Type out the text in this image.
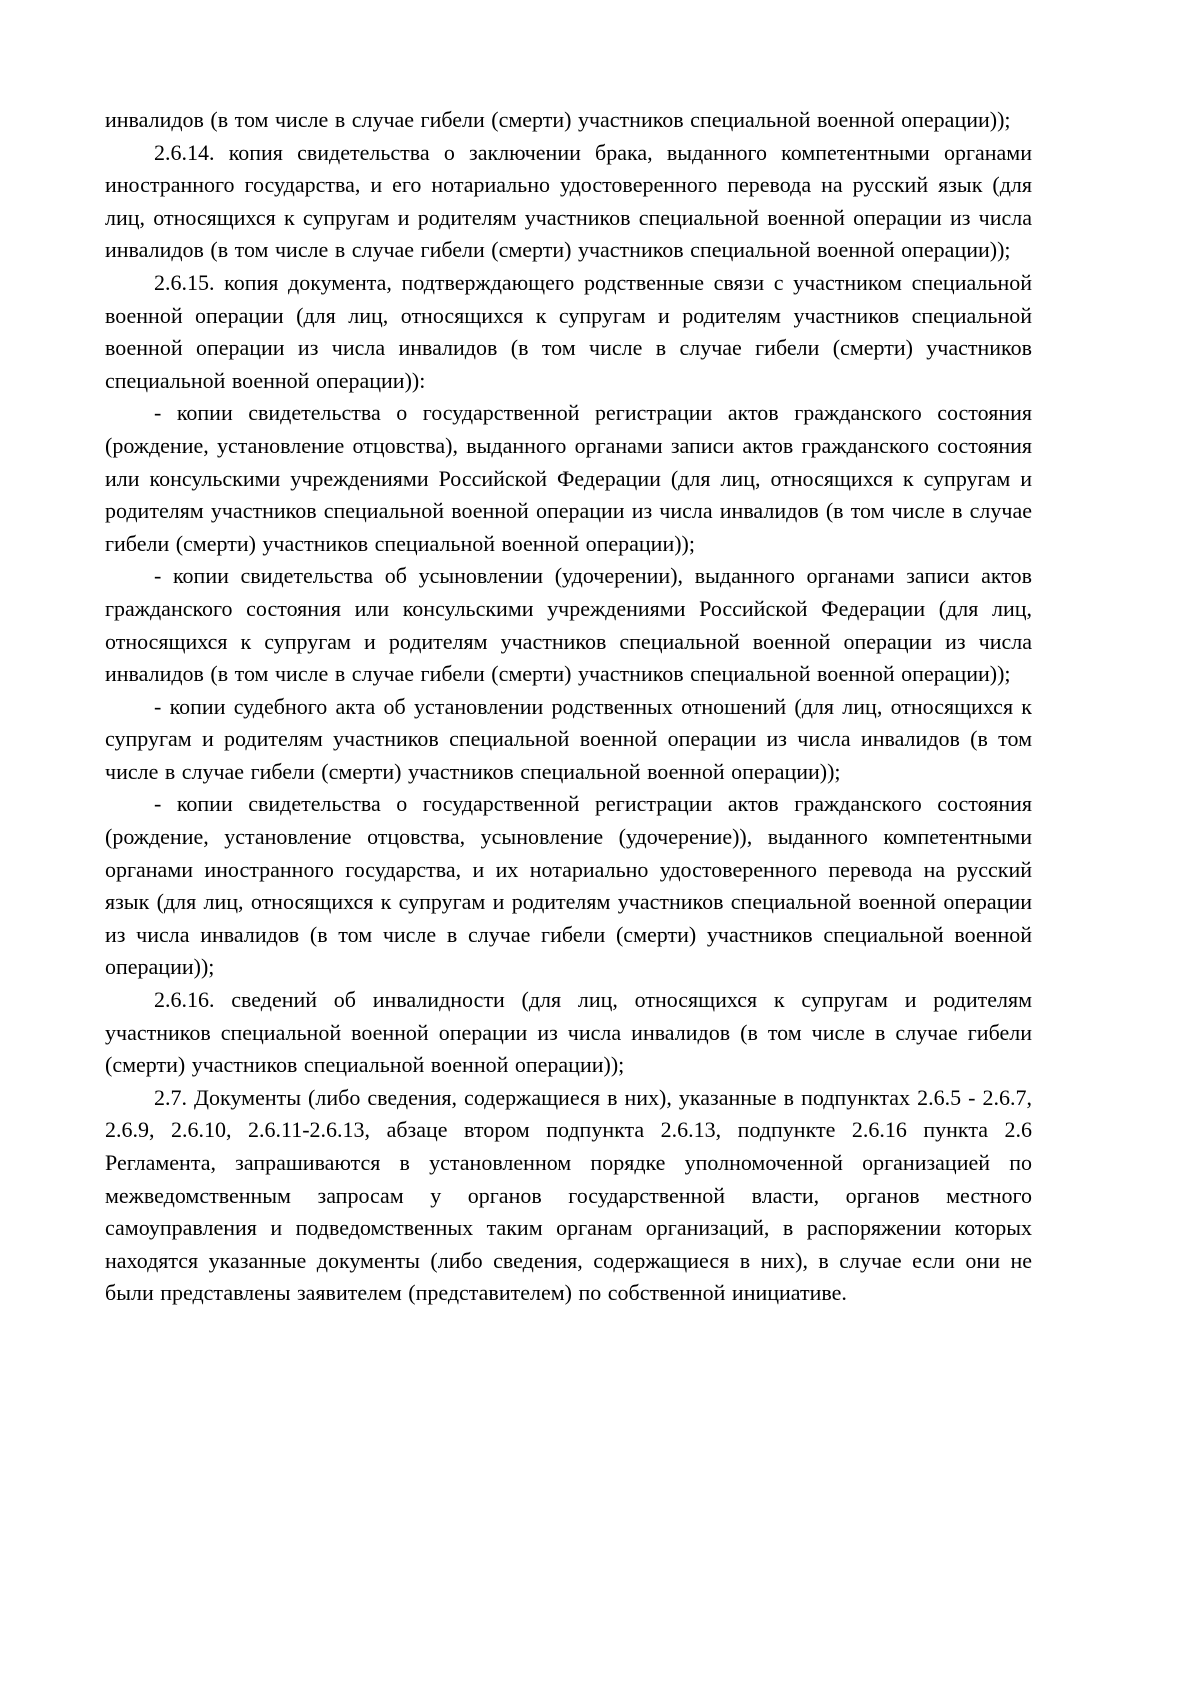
инвалидов (в том числе в случае гибели (смерти) участников специальной военной операции));

2.6.14. копия свидетельства о заключении брака, выданного компетентными органами иностранного государства, и его нотариально удостоверенного перевода на русский язык (для лиц, относящихся к супругам и родителям участников специальной военной операции из числа инвалидов (в том числе в случае гибели (смерти) участников специальной военной операции));

2.6.15. копия документа, подтверждающего родственные связи с участником специальной военной операции (для лиц, относящихся к супругам и родителям участников специальной военной операции из числа инвалидов (в том числе в случае гибели (смерти) участников специальной военной операции)):

- копии свидетельства о государственной регистрации актов гражданского состояния (рождение, установление отцовства), выданного органами записи актов гражданского состояния или консульскими учреждениями Российской Федерации (для лиц, относящихся к супругам и родителям участников специальной военной операции из числа инвалидов (в том числе в случае гибели (смерти) участников специальной военной операции));

- копии свидетельства об усыновлении (удочерении), выданного органами записи актов гражданского состояния или консульскими учреждениями Российской Федерации (для лиц, относящихся к супругам и родителям участников специальной военной операции из числа инвалидов (в том числе в случае гибели (смерти) участников специальной военной операции));

- копии судебного акта об установлении родственных отношений (для лиц, относящихся к супругам и родителям участников специальной военной операции из числа инвалидов (в том числе в случае гибели (смерти) участников специальной военной операции));

- копии свидетельства о государственной регистрации актов гражданского состояния (рождение, установление отцовства, усыновление (удочерение)), выданного компетентными органами иностранного государства, и их нотариально удостоверенного перевода на русский язык (для лиц, относящихся к супругам и родителям участников специальной военной операции из числа инвалидов (в том числе в случае гибели (смерти) участников специальной военной операции));

2.6.16. сведений об инвалидности (для лиц, относящихся к супругам и родителям участников специальной военной операции из числа инвалидов (в том числе в случае гибели (смерти) участников специальной военной операции));

2.7. Документы (либо сведения, содержащиеся в них), указанные в подпунктах 2.6.5 - 2.6.7, 2.6.9, 2.6.10, 2.6.11-2.6.13, абзаце втором подпункта 2.6.13, подпункте 2.6.16 пункта 2.6 Регламента, запрашиваются в установленном порядке уполномоченной организацией по межведомственным запросам у органов государственной власти, органов местного самоуправления и подведомственных таким органам организаций, в распоряжении которых находятся указанные документы (либо сведения, содержащиеся в них), в случае если они не были представлены заявителем (представителем) по собственной инициативе.
